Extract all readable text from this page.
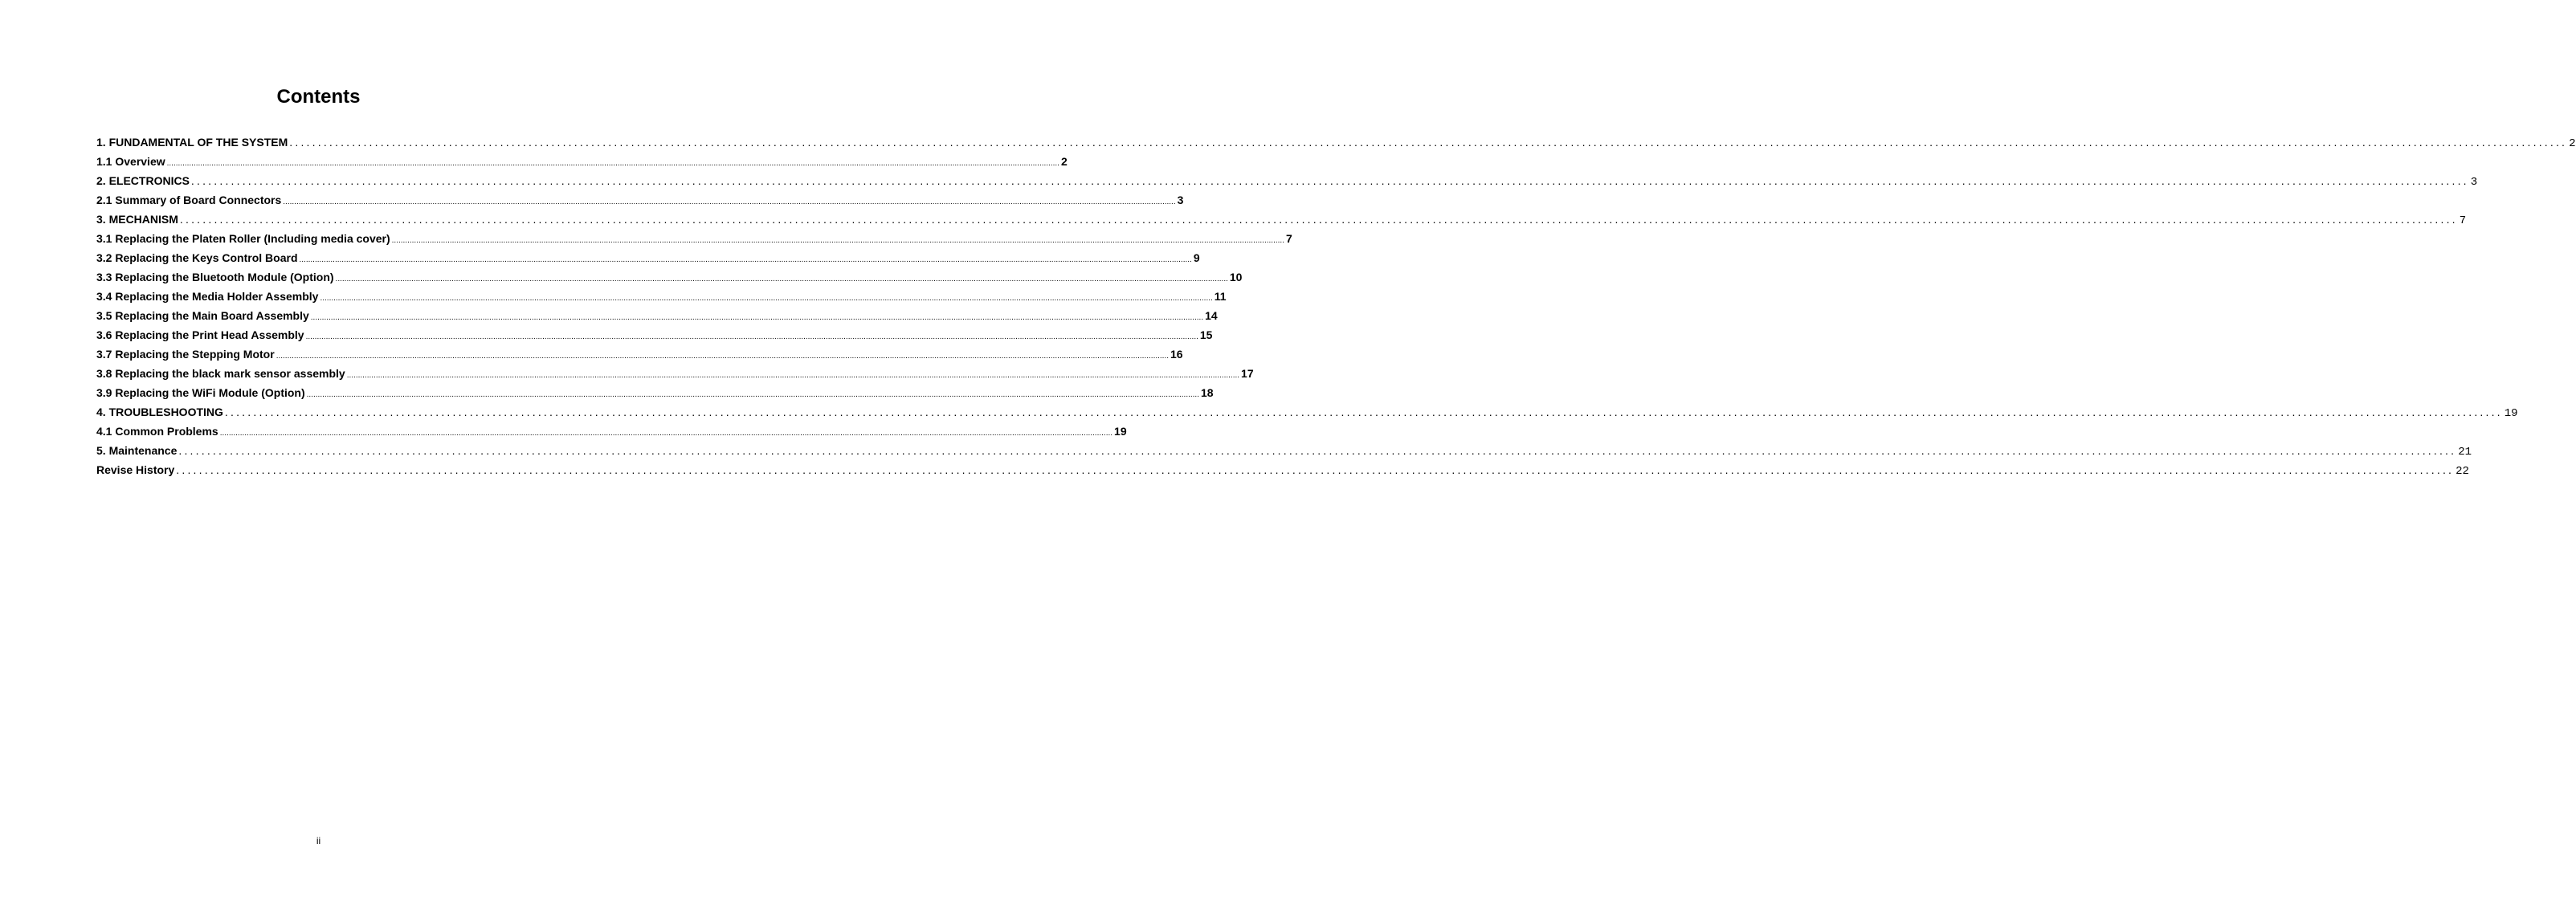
Contents
1. FUNDAMENTAL OF THE SYSTEM ................................................................................................................................................................................................................................................................................................................................................................................................................ 2
1.1 Overview ................................................................................................................................................................................................................................................................................................................................................................................................................ 2
2. ELECTRONICS ................................................................................................................................................................................................................................................................................................................................................................................................................ 3
2.1 Summary of Board Connectors ................................................................................................................................................................................................................................................................................................................................................................................................................ 3
3. MECHANISM ................................................................................................................................................................................................................................................................................................................................................................................................................ 7
3.1 Replacing the Platen Roller (Including media cover) ................................................................................................................................................................................................................................................................................................................................................................................................................ 7
3.2 Replacing the Keys Control Board ................................................................................................................................................................................................................................................................................................................................................................................................................ 9
3.3 Replacing the Bluetooth Module (Option) ................................................................................................................................................................................................................................................................................................................................................................................................................ 10
3.4 Replacing the Media Holder Assembly ................................................................................................................................................................................................................................................................................................................................................................................................................ 11
3.5 Replacing the Main Board Assembly ................................................................................................................................................................................................................................................................................................................................................................................................................ 14
3.6 Replacing the Print Head Assembly ................................................................................................................................................................................................................................................................................................................................................................................................................ 15
3.7 Replacing the Stepping Motor ................................................................................................................................................................................................................................................................................................................................................................................................................ 16
3.8 Replacing the black mark sensor assembly ................................................................................................................................................................................................................................................................................................................................................................................................................ 17
3.9 Replacing the WiFi Module (Option) ................................................................................................................................................................................................................................................................................................................................................................................................................ 18
4. TROUBLESHOOTING ................................................................................................................................................................................................................................................................................................................................................................................................................ 19
4.1 Common Problems ................................................................................................................................................................................................................................................................................................................................................................................................................ 19
5. Maintenance ................................................................................................................................................................................................................................................................................................................................................................................................................ 21
Revise History ................................................................................................................................................................................................................................................................................................................................................................................................................ 22
ii
